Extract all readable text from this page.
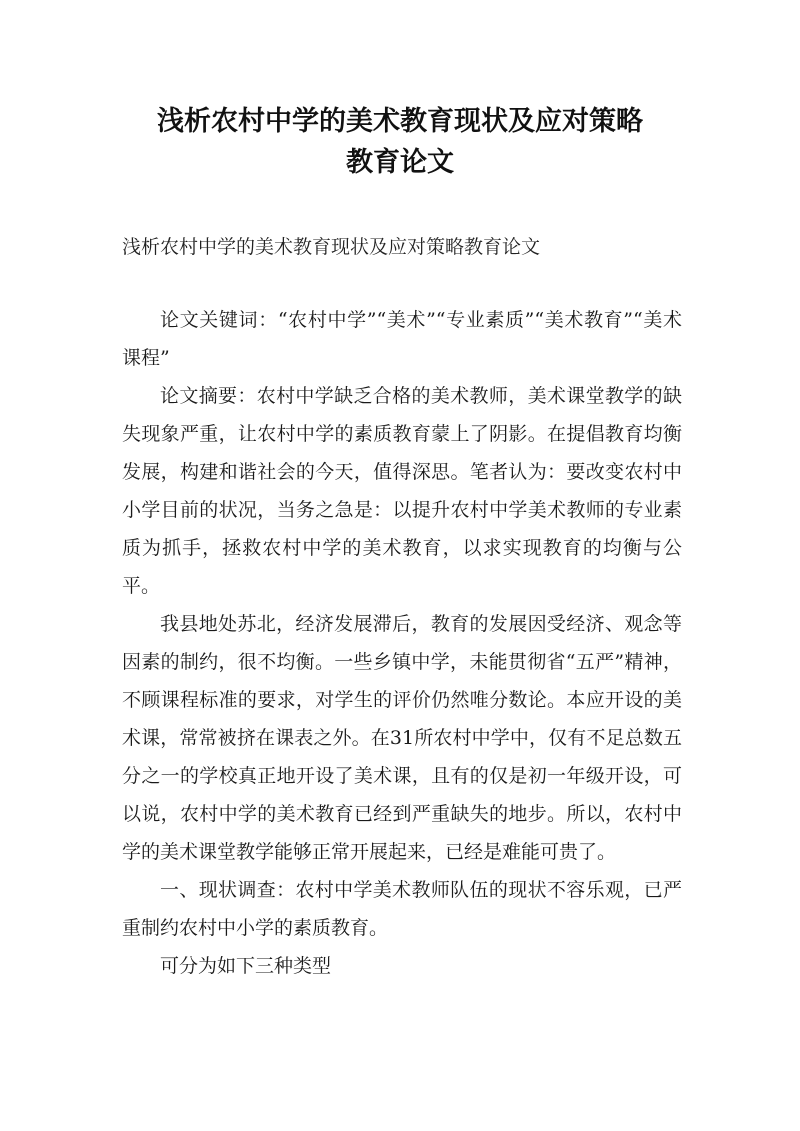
浅析农村中学的美术教育现状及应对策略
教育论文
浅析农村中学的美术教育现状及应对策略教育论文

论文关键词：“农村中学”“美术”“专业素质”“美术教育”“美术课程”

论文摘要：农村中学缺乏合格的美术教师，美术课堂教学的缺失现象严重，让农村中学的素质教育蒙上了阴影。在提倡教育均衡发展，构建和谐社会的今天，值得深思。笔者认为：要改变农村中小学目前的状况，当务之急是：以提升农村中学美术教师的专业素质为抓手，拯救农村中学的美术教育，以求实现教育的均衡与公平。

我县地处苏北，经济发展滞后，教育的发展因受经济、观念等因素的制约，很不均衡。一些乡镇中学，未能贯彻省“五严”精神，不顾课程标准的要求，对学生的评价仍然唯分数论。本应开设的美术课，常常被挤在课表之外。在31所农村中学中，仅有不足总数五分之一的学校真正地开设了美术课，且有的仅是初一年级开设，可以说，农村中学的美术教育已经到严重缺失的地步。所以，农村中学的美术课堂教学能够正常开展起来，已经是难能可贵了。

一、现状调查：农村中学美术教师队伍的现状不容乐观，已严重制约农村中小学的素质教育。

可分为如下三种类型
